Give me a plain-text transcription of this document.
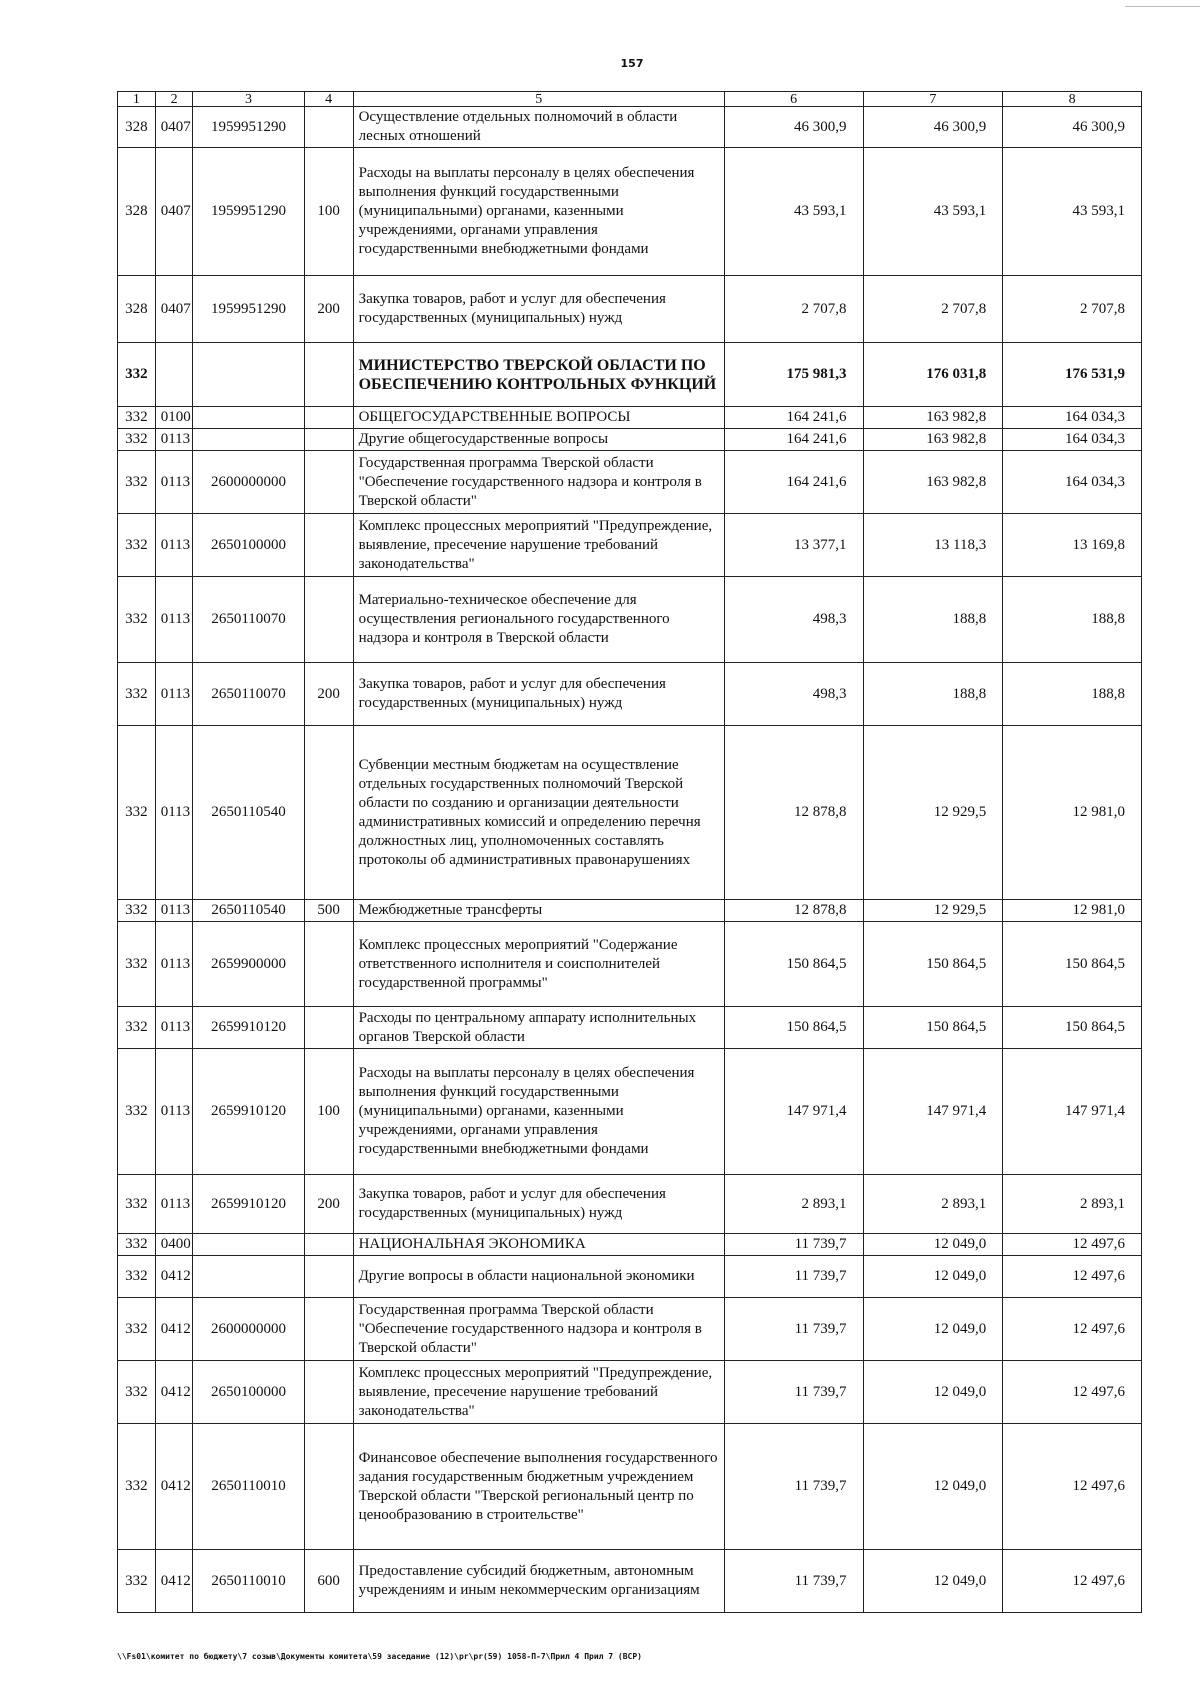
157
1	2	3	4	5	6	7	8
328	0407	1959951290		Осуществление отдельных полномочий в области лесных отношений	46 300,9	46 300,9	46 300,9
328	0407	1959951290	100	Расходы на выплаты персоналу в целях обеспечения выполнения функций государственными (муниципальными) органами, казенными учреждениями, органами управления государственными внебюджетными фондами	43 593,1	43 593,1	43 593,1
328	0407	1959951290	200	Закупка товаров, работ и услуг для обеспечения государственных (муниципальных) нужд	2 707,8	2 707,8	2 707,8
332				МИНИСТЕРСТВО ТВЕРСКОЙ ОБЛАСТИ ПО ОБЕСПЕЧЕНИЮ КОНТРОЛЬНЫХ ФУНКЦИЙ	175 981,3	176 031,8	176 531,9
332	0100			ОБЩЕГОСУДАРСТВЕННЫЕ ВОПРОСЫ	164 241,6	163 982,8	164 034,3
332	0113			Другие общегосударственные вопросы	164 241,6	163 982,8	164 034,3
332	0113	2600000000		Государственная программа Тверской области "Обеспечение государственного надзора и контроля в Тверской области"	164 241,6	163 982,8	164 034,3
332	0113	2650100000		Комплекс процессных мероприятий "Предупреждение, выявление, пресечение нарушение требований законодательства"	13 377,1	13 118,3	13 169,8
332	0113	2650110070		Материально-техническое обеспечение для осуществления регионального государственного надзора и контроля в Тверской области	498,3	188,8	188,8
332	0113	2650110070	200	Закупка товаров, работ и услуг для обеспечения государственных (муниципальных) нужд	498,3	188,8	188,8
332	0113	2650110540		Субвенции местным бюджетам на осуществление отдельных государственных полномочий Тверской области по созданию и организации деятельности административных комиссий и определению перечня должностных лиц, уполномоченных составлять протоколы об административных правонарушениях	12 878,8	12 929,5	12 981,0
332	0113	2650110540	500	Межбюджетные трансферты	12 878,8	12 929,5	12 981,0
332	0113	2659900000		Комплекс процессных мероприятий "Содержание ответственного исполнителя и соисполнителей государственной программы"	150 864,5	150 864,5	150 864,5
332	0113	2659910120		Расходы по центральному аппарату исполнительных органов Тверской области	150 864,5	150 864,5	150 864,5
332	0113	2659910120	100	Расходы на выплаты персоналу в целях обеспечения выполнения функций государственными (муниципальными) органами, казенными учреждениями, органами управления государственными внебюджетными фондами	147 971,4	147 971,4	147 971,4
332	0113	2659910120	200	Закупка товаров, работ и услуг для обеспечения государственных (муниципальных) нужд	2 893,1	2 893,1	2 893,1
332	0400			НАЦИОНАЛЬНАЯ ЭКОНОМИКА	11 739,7	12 049,0	12 497,6
332	0412			Другие вопросы в области национальной экономики	11 739,7	12 049,0	12 497,6
332	0412	2600000000		Государственная программа Тверской области "Обеспечение государственного надзора и контроля в Тверской области"	11 739,7	12 049,0	12 497,6
332	0412	2650100000		Комплекс процессных мероприятий "Предупреждение, выявление, пресечение нарушение требований законодательства"	11 739,7	12 049,0	12 497,6
332	0412	2650110010		Финансовое обеспечение выполнения государственного задания государственным бюджетным учреждением Тверской области "Тверской региональный центр по ценообразованию в строительстве"	11 739,7	12 049,0	12 497,6
332	0412	2650110010	600	Предоставление субсидий бюджетным, автономным учреждениям и иным некоммерческим организациям	11 739,7	12 049,0	12 497,6
\\Fs01\комитет по бюджету\7 созыв\Документы комитета\59 заседание (12)\pr\pr(59) 1058-П-7\Прил 4 Прил 7 (ВСР)
